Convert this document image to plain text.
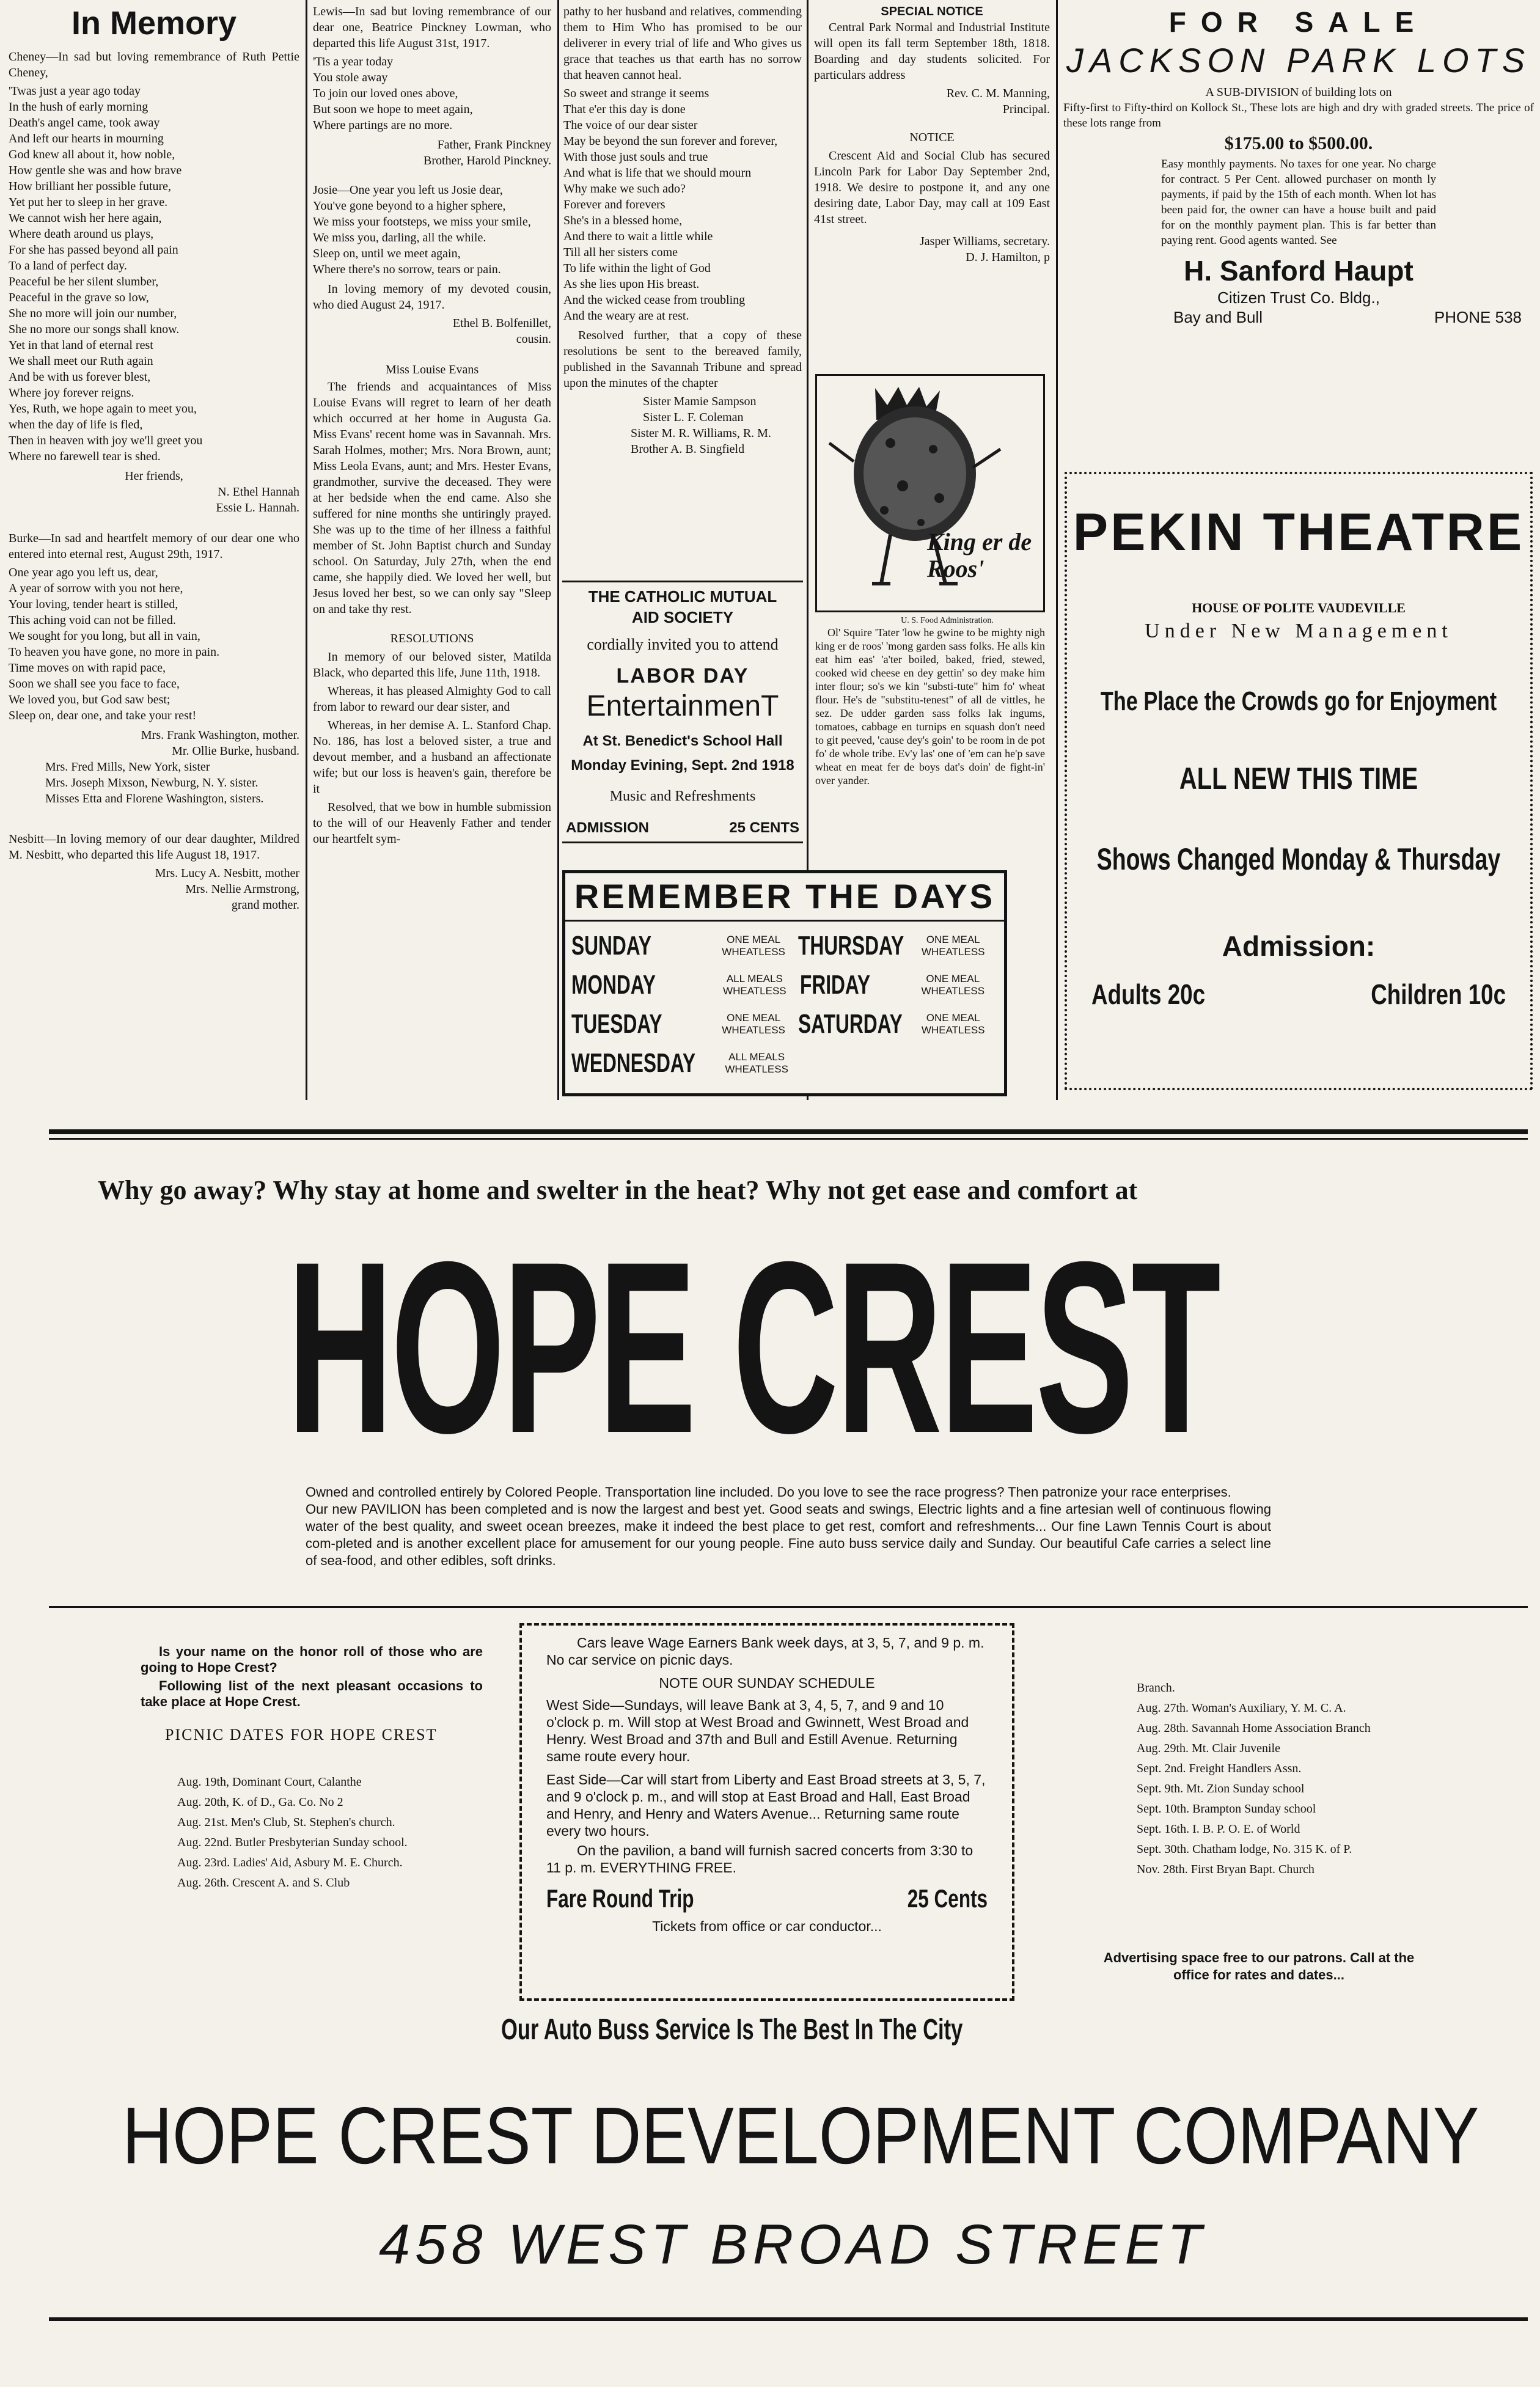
In Memory

Cheney—In sad but loving remembrance of Ruth Pettie Cheney,

'Twas just a year ago today
In the hush of early morning
Death's angel came, took away
And left our hearts in mourning
God knew all about it, how noble,
How gentle she was and how brave
How brilliant her possible future,
Yet put her to sleep in her grave.
We cannot wish her here again,
Where death around us plays,
For she has passed beyond all pain
To a land of perfect day.
Peaceful be her silent slumber,
Peaceful in the grave so low,
She no more will join our number,
She no more our songs shall know.
Yet in that land of eternal rest
We shall meet our Ruth again
And be with us forever blest,
Where joy forever reigns.
Yes, Ruth, we hope again to meet you,
when the day of life is fled,
Then in heaven with joy we'll greet you
Where no farewell tear is shed.
Her friends,
N. Ethel Hannah
Essie L. Hannah.

Burke—In sad and heartfelt memory of our dear one who entered into eternal rest, August 29th, 1917.

One year ago you left us, dear,
A year of sorrow with you not here,
Your loving, tender heart is stilled,
This aching void can not be filled.
We sought for you long, but all in vain,
To heaven you have gone, no more in pain.
Time moves on with rapid pace,
Soon we shall see you face to face,
We loved you, but God saw best;
Sleep on, dear one, and take your rest!
Mrs. Frank Washington, mother.
Mr. Ollie Burke, husband.
Mrs. Fred Mills, New York, sister
Mrs. Joseph Mixson, Newburg, N. Y. sister.
Misses Etta and Florene Washington, sisters.

Nesbitt—In loving memory of our dear daughter, Mildred M. Nesbitt, who departed this life August 18, 1917.

Mrs. Lucy A. Nesbitt, mother
Mrs. Nellie Armstrong,
grand mother.

Lewis—In sad but loving remembrance of our dear one, Beatrice Pinckney Lowman, who departed this life August 31st, 1917.

'Tis a year today
You stole away
To join our loved ones above,
But soon we hope to meet again,
Where partings are no more.
Father, Frank Pinckney
Brother, Harold Pinckney.
Josie—One year you left us Josie dear,
You've gone beyond to a higher sphere,
We miss your footsteps, we miss your smile,
We miss you, darling, all the while.
Sleep on, until we meet again,
Where there's no sorrow, tears or pain.

In loving memory of my devoted cousin, who died August 24, 1917.

Ethel B. Bolfenillet,
cousin.
Miss Louise Evans

The friends and acquaintances of Miss Louise Evans will regret to learn of her death which occurred at her home in Augusta Ga. Miss Evans' recent home was in Savannah. Mrs. Sarah Holmes, mother; Mrs. Nora Brown, aunt; Miss Leola Evans, aunt; and Mrs. Hester Evans, grandmother, survive the deceased. They were at her bedside when the end came. Also she suffered for nine months she untiringly prayed. She was up to the time of her illness a faithful member of St. John Baptist church and Sunday school. On Saturday, July 27th, when the end came, she happily died. We loved her well, but Jesus loved her best, so we can only say "Sleep on and take thy rest.

RESOLUTIONS

In memory of our beloved sister, Matilda Black, who departed this life, June 11th, 1918.

Whereas, it has pleased Almighty God to call from labor to reward our dear sister, and

Whereas, in her demise A. L. Stanford Chap. No. 186, has lost a beloved sister, a true and devout member, and a husband an affectionate wife; but our loss is heaven's gain, therefore be it

Resolved, that we bow in humble submission to the will of our Heavenly Father and tender our heartfelt sym-

pathy to her husband and relatives, commending them to Him Who has promised to be our deliverer in every trial of life and Who gives us grace that teaches us that earth has no sorrow that heaven cannot heal.

So sweet and strange it seems
That e'er this day is done
The voice of our dear sister
May be beyond the sun forever and forever,
With those just souls and true
And what is life that we should mourn
Why make we such ado?
Forever and forevers
She's in a blessed home,
And there to wait a little while
Till all her sisters come
To life within the light of God
As she lies upon His breast.
And the wicked cease from troubling
And the weary are at rest.

Resolved further, that a copy of these resolutions be sent to the bereaved family, published in the Savannah Tribune and spread upon the minutes of the chapter

Sister Mamie Sampson
Sister L. F. Coleman
Sister M. R. Williams, R. M.
Brother A. B. Singfield
THE CATHOLIC MUTUAL AID SOCIETY
cordially invited you to attend
LABOR DAY
EntertainmenT
At St. Benedict's School Hall
Monday Evining, Sept. 2nd 1918
Music and Refreshments
ADMISSION	25 CENTS
SPECIAL NOTICE

Central Park Normal and Industrial Institute will open its fall term September 18th, 1818. Boarding and day students solicited. For particulars address

Rev. C. M. Manning,
Principal.
NOTICE

Crescent Aid and Social Club has secured Lincoln Park for Labor Day September 2nd, 1918. We desire to postpone it, and any one desiring date, Labor Day, may call at 109 East 41st street.

Jasper Williams, secretary.
D. J. Hamilton, p
King er de Roos'
U. S. Food Administration.

Ol' Squire 'Tater 'low he gwine to be mighty nigh king er de roos' 'mong garden sass folks. He alls kin eat him eas' 'a'ter boiled, baked, fried, stewed, cooked wid cheese en dey gettin' so dey make him inter flour; so's we kin "substi-tute" him fo' wheat flour. He's de "substitu-tenest" of all de vittles, he sez. De udder garden sass folks lak ingums, tomatoes, cabbage en turnips en squash don't need to git peeved, 'cause dey's goin' to be room in de pot fo' de whole tribe. Ev'y las' one of 'em can he'p save wheat en meat fer de boys dat's doin' de fight-in' over yander.

REMEMBER THE DAYS
SUNDAY	ONE MEAL WHEATLESS THURSDAY	ONE MEAL WHEATLESS
MONDAY	ALL MEALS WHEATLESS FRIDAY	ONE MEAL WHEATLESS
TUESDAY	ONE MEAL WHEATLESS SATURDAY	ONE MEAL WHEATLESS
WEDNESDAY	ALL MEALS WHEATLESS
FOR SALE
JACKSON PARK LOTS
A SUB-DIVISION of building lots on
Fifty-first to Fifty-third on Kollock St., These lots are high and dry with graded streets. The price of these lots range from
$175.00 to $500.00.
Easy monthly payments. No taxes for one year. No charge for contract. 5 Per Cent. allowed purchaser on month ly payments, if paid by the 15th of each month. When lot has been paid for, the owner can have a house built and paid for on the monthly payment plan. This is far better than paying rent. Good agents wanted. See
H. Sanford Haupt
Citizen Trust Co. Bldg.,
Bay and Bull	PHONE 538
PEKIN THEATRE
HOUSE OF POLITE VAUDEVILLE
Under New Management
The Place the Crowds go for Enjoyment
ALL NEW THIS TIME
Shows Changed Monday & Thursday
Admission:
Adults 20c	Children 10c
Why go away? Why stay at home and swelter in the heat? Why not get ease and comfort at
HOPE CREST

Owned and controlled entirely by Colored People. Transportation line included. Do you love to see the race progress? Then patronize your race enterprises.

Our new PAVILION has been completed and is now the largest and best yet. Good seats and swings, Electric lights and a fine artesian well of continuous flowing water of the best quality, and sweet ocean breezes, make it indeed the best place to get rest, comfort and refreshments... Our fine Lawn Tennis Court is about com-pleted and is another excellent place for amusement for our young people. Fine auto buss service daily and Sunday. Our beautiful Cafe carries a select line of sea-food, and other edibles, soft drinks.

Is your name on the honor roll of those who are going to Hope Crest?

Following list of the next pleasant occasions to take place at Hope Crest.

PICNIC DATES FOR HOPE CREST
Aug. 19th, Dominant Court, Calanthe
Aug. 20th, K. of D., Ga. Co. No 2
Aug. 21st. Men's Club, St. Stephen's church.
Aug. 22nd. Butler Presbyterian Sunday school.
Aug. 23rd. Ladies' Aid, Asbury M. E. Church.
Aug. 26th. Crescent A. and S. Club

Cars leave Wage Earners Bank week days, at 3, 5, 7, and 9 p. m. No car service on picnic days.

NOTE OUR SUNDAY SCHEDULE

West Side—Sundays, will leave Bank at 3, 4, 5, 7, and 9 and 10 o'clock p. m. Will stop at West Broad and Gwinnett, West Broad and Henry. West Broad and 37th and Bull and Estill Avenue. Returning same route every hour.

East Side—Car will start from Liberty and East Broad streets at 3, 5, 7, and 9 o'clock p. m., and will stop at East Broad and Hall, East Broad and Henry, and Henry and Waters Avenue... Returning same route every two hours.

On the pavilion, a band will furnish sacred concerts from 3:30 to 11 p. m. EVERYTHING FREE.

Fare Round Trip	25 Cents
Tickets from office or car conductor...
Branch.
Aug. 27th. Woman's Auxiliary, Y. M. C. A.
Aug. 28th. Savannah Home Association Branch
Aug. 29th. Mt. Clair Juvenile
Sept. 2nd. Freight Handlers Assn.
Sept. 9th. Mt. Zion Sunday school
Sept. 10th. Brampton Sunday school
Sept. 16th. I. B. P. O. E. of World
Sept. 30th. Chatham lodge, No. 315 K. of P.
Nov. 28th. First Bryan Bapt. Church
Advertising space free to our patrons. Call at the office for rates and dates...
Our Auto Buss Service Is The Best In The City
HOPE CREST DEVELOPMENT COMPANY
458 WEST BROAD STREET
